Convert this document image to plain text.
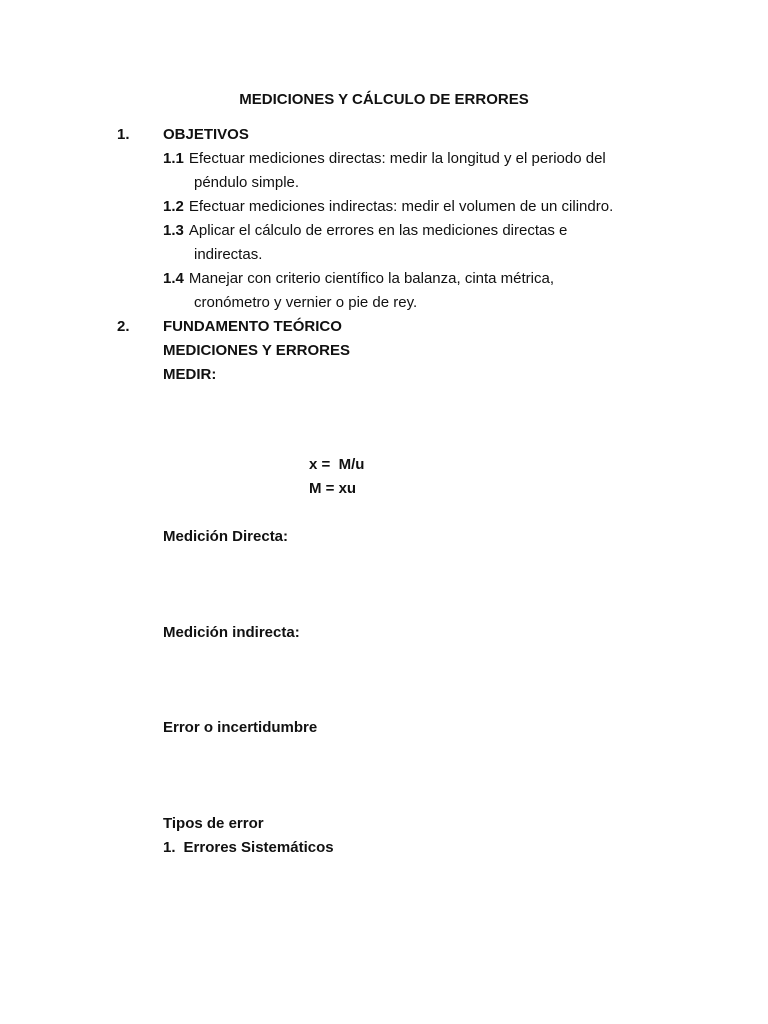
MEDICIONES Y CÁLCULO DE ERRORES
1. OBJETIVOS
1.1 Efectuar mediciones directas: medir la longitud y el periodo del
péndulo simple.
1.2 Efectuar mediciones indirectas: medir el volumen de un cilindro.
1.3 Aplicar el cálculo de errores en las mediciones directas e
indirectas.
1.4 Manejar con criterio científico la balanza, cinta métrica,
cronómetro y vernier o pie de rey.
2. FUNDAMENTO TEÓRICO
MEDICIONES Y ERRORES
MEDIR:
x =  M/u
M = xu
Medición Directa:
Medición indirecta:
Error o incertidumbre
Tipos de error
1. Errores Sistemáticos
